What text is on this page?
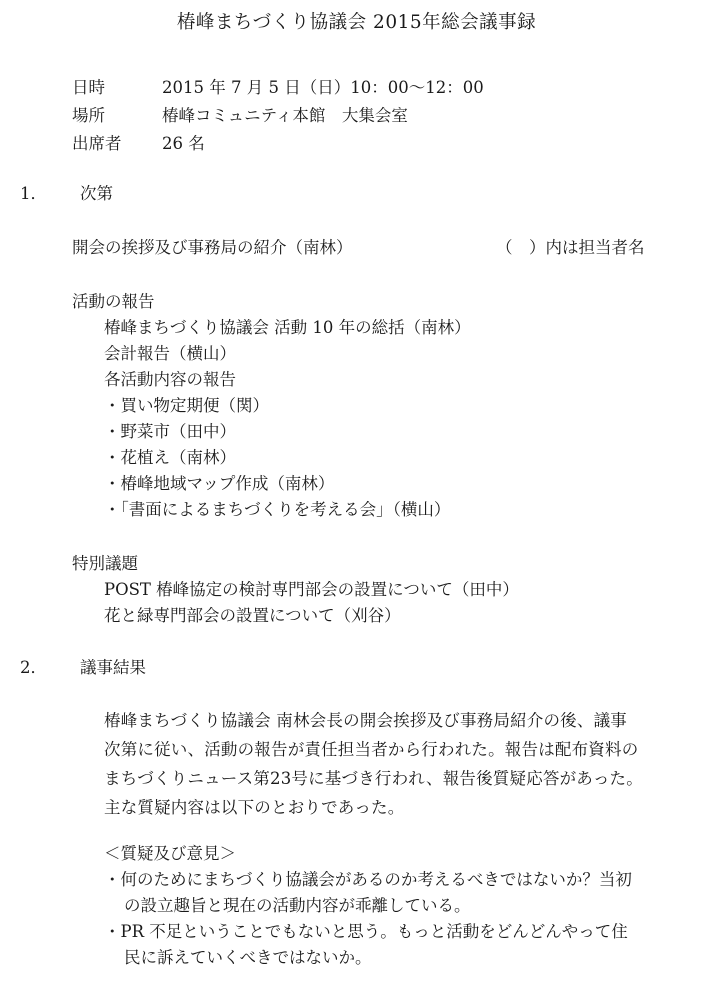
椿峰まちづくり協議会 2015年総会議事録
日時	2015 年 7 月 5 日（日）10：00〜12：00
場所	椿峰コミュニティ本館　大集会室
出席者 26 名
1． 次第
開会の挨拶及び事務局の紹介（南林）	（　）内は担当者名
活動の報告
椿峰まちづくり協議会 活動 10 年の総括（南林）
会計報告（横山）
各活動内容の報告
・買い物定期便（関）
・野菜市（田中）
・花植え（南林）
・椿峰地域マップ作成（南林）
・「書面によるまちづくりを考える会」（横山）
特別議題
POST 椿峰協定の検討専門部会の設置について（田中）
花と緑専門部会の設置について（刈谷）
2． 議事結果

椿峰まちづくり協議会 南林会長の開会挨拶及び事務局紹介の後、議事

次第に従い、活動の報告が責任担当者から行われた。報告は配布資料の

まちづくりニュース第23号に基づき行われ、報告後質疑応答があった。

主な質疑内容は以下のとおりであった。

＜質疑及び意見＞
・何のためにまちづくり協議会があるのか考えるべきではないか？当初
の設立趣旨と現在の活動内容が乖離している。
・PR 不足ということでもないと思う。もっと活動をどんどんやって住
民に訴えていくべきではないか。
